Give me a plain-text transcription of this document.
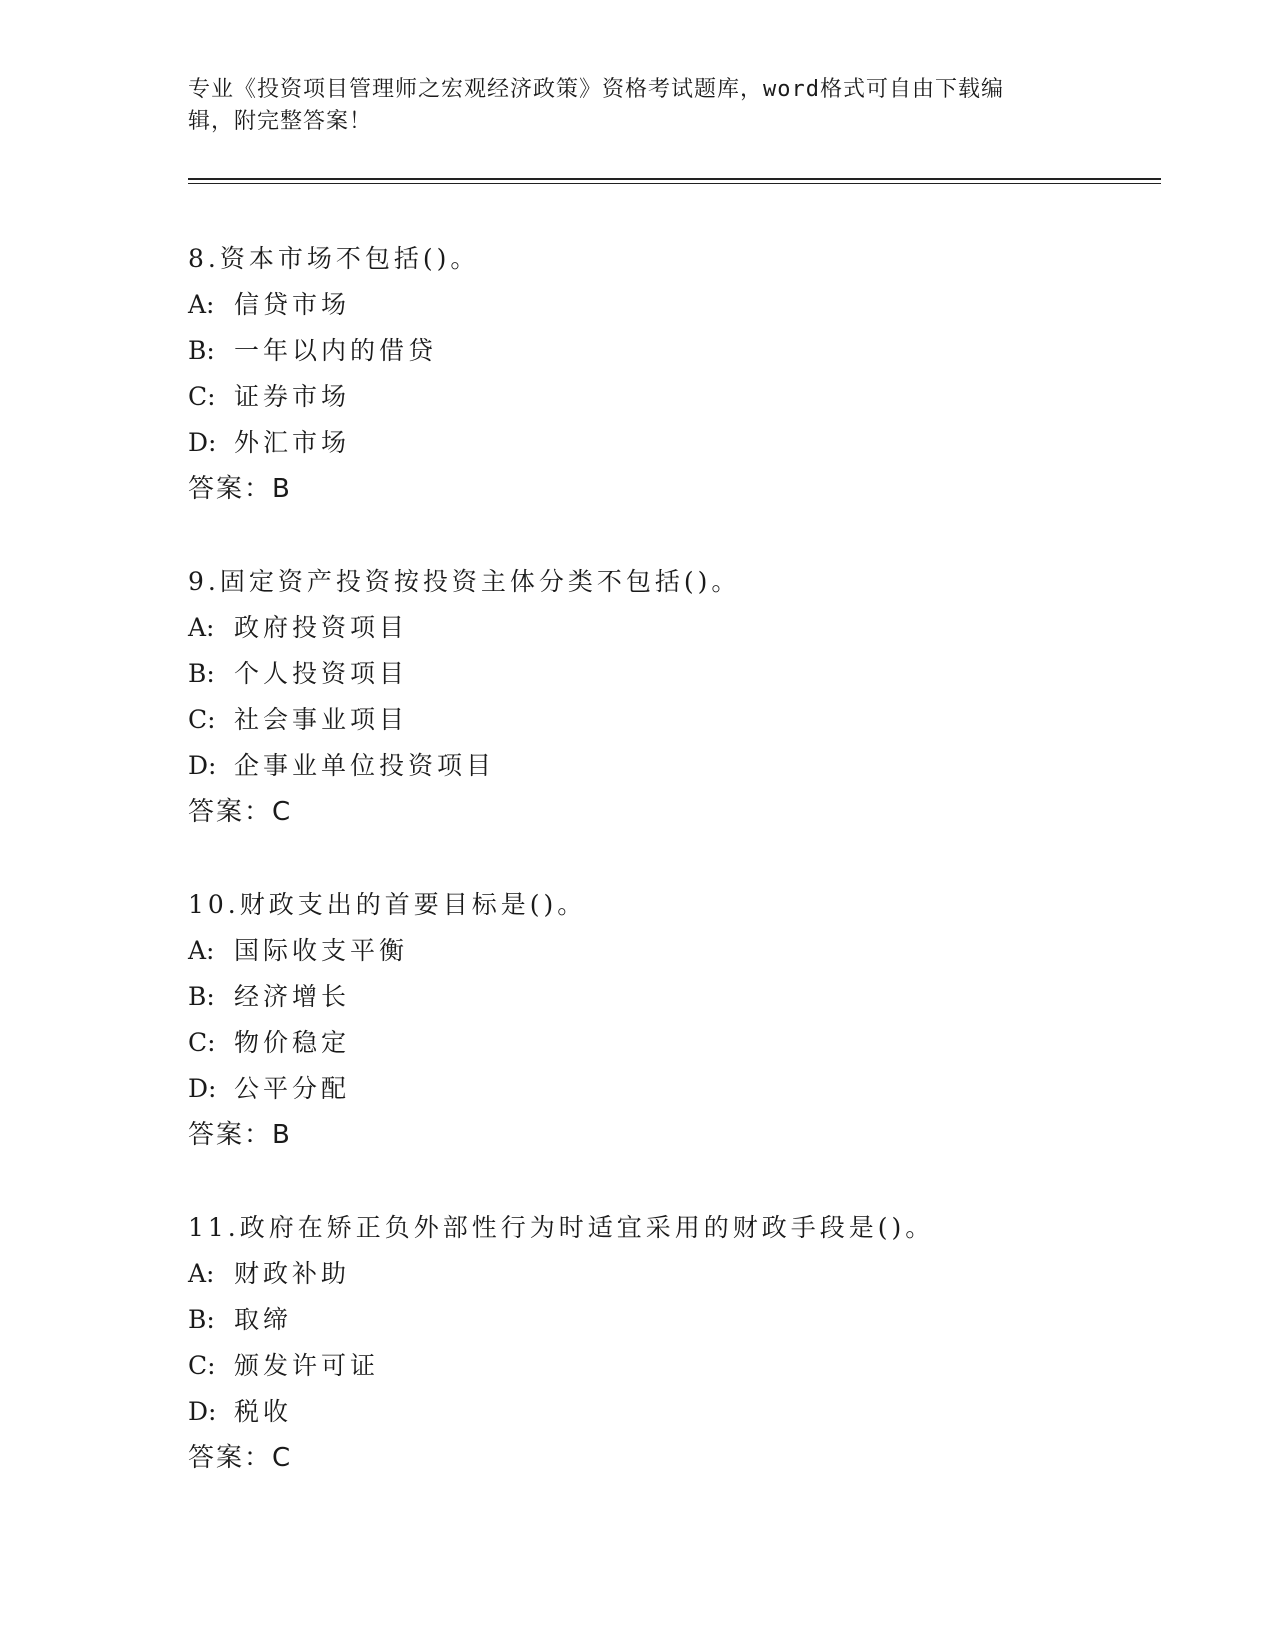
专业《投资项目管理师之宏观经济政策》资格考试题库，word格式可自由下载编
辑，附完整答案！
8.资本市场不包括()。
A: 信贷市场
B: 一年以内的借贷
C: 证券市场
D: 外汇市场
答案：B
9.固定资产投资按投资主体分类不包括()。
A: 政府投资项目
B: 个人投资项目
C: 社会事业项目
D: 企事业单位投资项目
答案：C
10.财政支出的首要目标是()。
A: 国际收支平衡
B: 经济增长
C: 物价稳定
D: 公平分配
答案：B
11.政府在矫正负外部性行为时适宜采用的财政手段是()。
A: 财政补助
B: 取缔
C: 颁发许可证
D: 税收
答案：C
